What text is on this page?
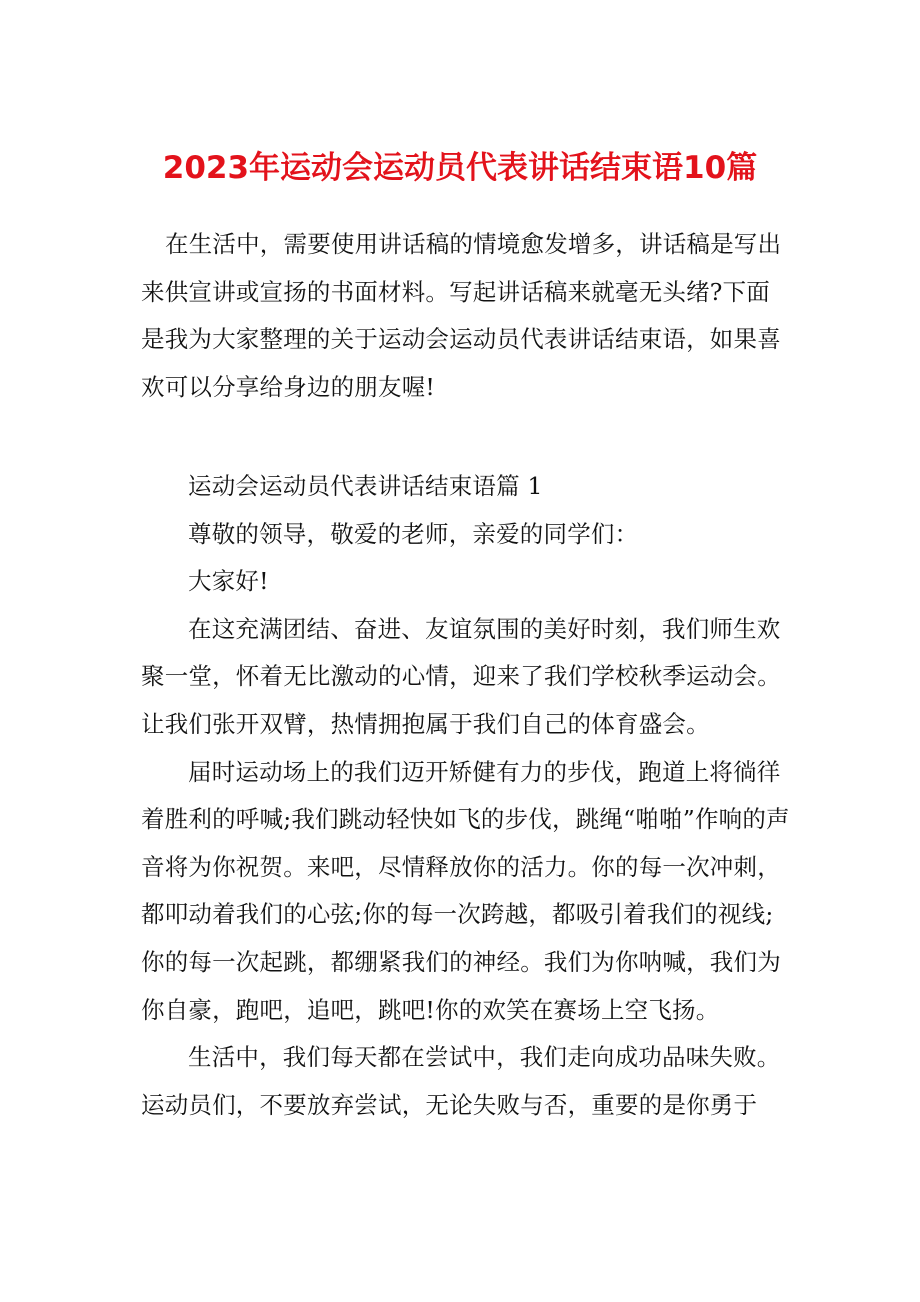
2023年运动会运动员代表讲话结束语10篇

在生活中，需要使用讲话稿的情境愈发增多，讲话稿是写出来供宣讲或宣扬的书面材料。写起讲话稿来就毫无头绪?下面是我为大家整理的关于运动会运动员代表讲话结束语，如果喜欢可以分享给身边的朋友喔!

运动会运动员代表讲话结束语篇 1

尊敬的领导，敬爱的老师，亲爱的同学们：

大家好!

在这充满团结、奋进、友谊氛围的美好时刻，我们师生欢聚一堂，怀着无比激动的心情，迎来了我们学校秋季运动会。让我们张开双臂，热情拥抱属于我们自己的体育盛会。

届时运动场上的我们迈开矫健有力的步伐，跑道上将徜徉着胜利的呼喊;我们跳动轻快如飞的步伐，跳绳“啪啪”作响的声音将为你祝贺。来吧，尽情释放你的活力。你的每一次冲刺，都叩动着我们的心弦;你的每一次跨越，都吸引着我们的视线;你的每一次起跳，都绷紧我们的神经。我们为你呐喊，我们为你自豪，跑吧，追吧，跳吧!你的欢笑在赛场上空飞扬。

生活中，我们每天都在尝试中，我们走向成功品味失败。运动员们，不要放弃尝试，无论失败与否，重要的是你勇于
